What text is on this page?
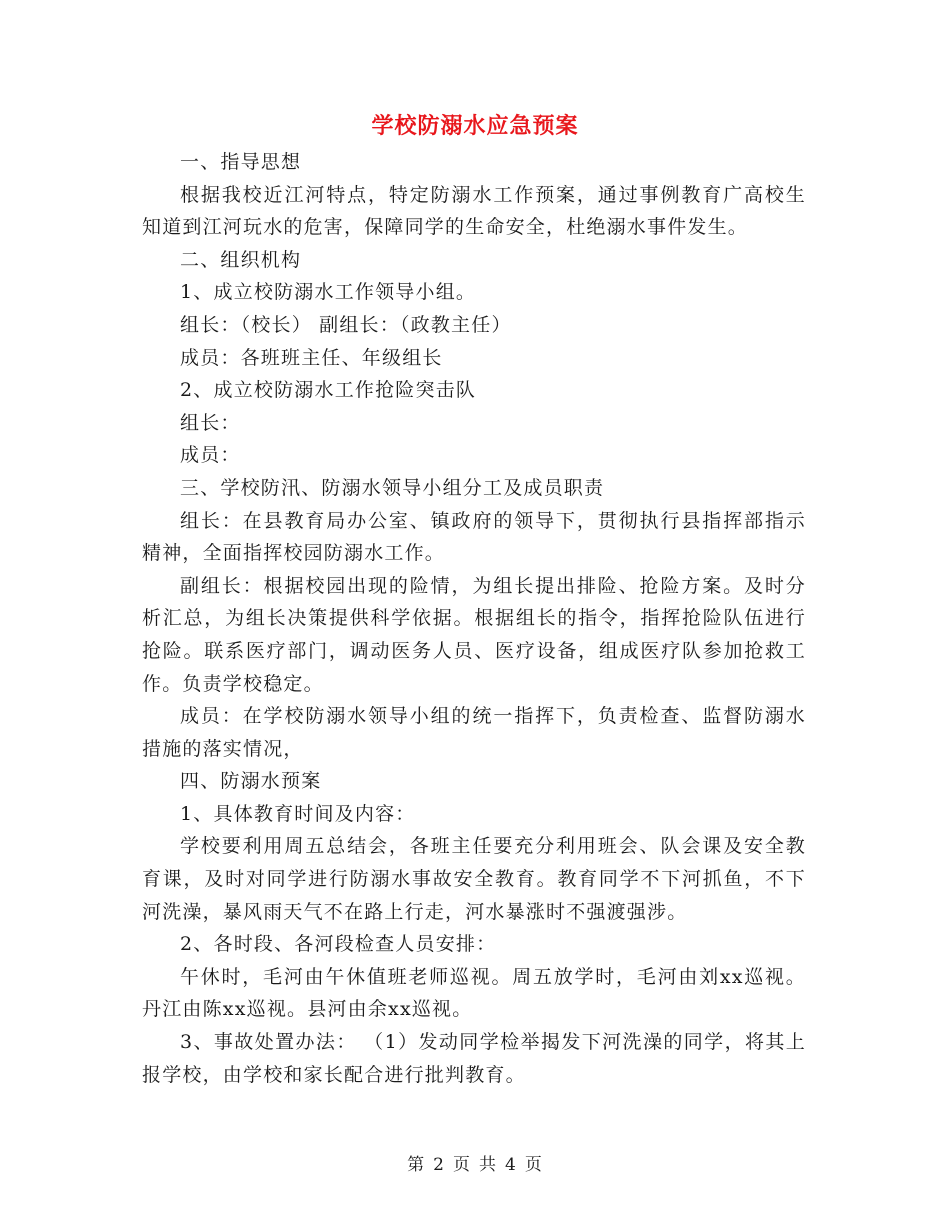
学校防溺水应急预案

一、指导思想

根据我校近江河特点，特定防溺水工作预案，通过事例教育广高校生知道到江河玩水的危害，保障同学的生命安全，杜绝溺水事件发生。

二、组织机构

1、成立校防溺水工作领导小组。

组长：（校长） 副组长：（政教主任）

成员：各班班主任、年级组长

2、成立校防溺水工作抢险突击队

组长：

成员：

三、学校防汛、防溺水领导小组分工及成员职责

组长：在县教育局办公室、镇政府的领导下，贯彻执行县指挥部指示精神，全面指挥校园防溺水工作。

副组长：根据校园出现的险情，为组长提出排险、抢险方案。及时分析汇总，为组长决策提供科学依据。根据组长的指令，指挥抢险队伍进行抢险。联系医疗部门，调动医务人员、医疗设备，组成医疗队参加抢救工作。负责学校稳定。

成员：在学校防溺水领导小组的统一指挥下，负责检查、监督防溺水措施的落实情况，

四、防溺水预案

1、具体教育时间及内容：

学校要利用周五总结会，各班主任要充分利用班会、队会课及安全教育课，及时对同学进行防溺水事故安全教育。教育同学不下河抓鱼，不下河洗澡，暴风雨天气不在路上行走，河水暴涨时不强渡强涉。

2、各时段、各河段检查人员安排：

午休时，毛河由午休值班老师巡视。周五放学时，毛河由刘xx巡视。丹江由陈xx巡视。县河由余xx巡视。

3、事故处置办法： （1）发动同学检举揭发下河洗澡的同学，将其上报学校，由学校和家长配合进行批判教育。

第 2 页 共 4 页
